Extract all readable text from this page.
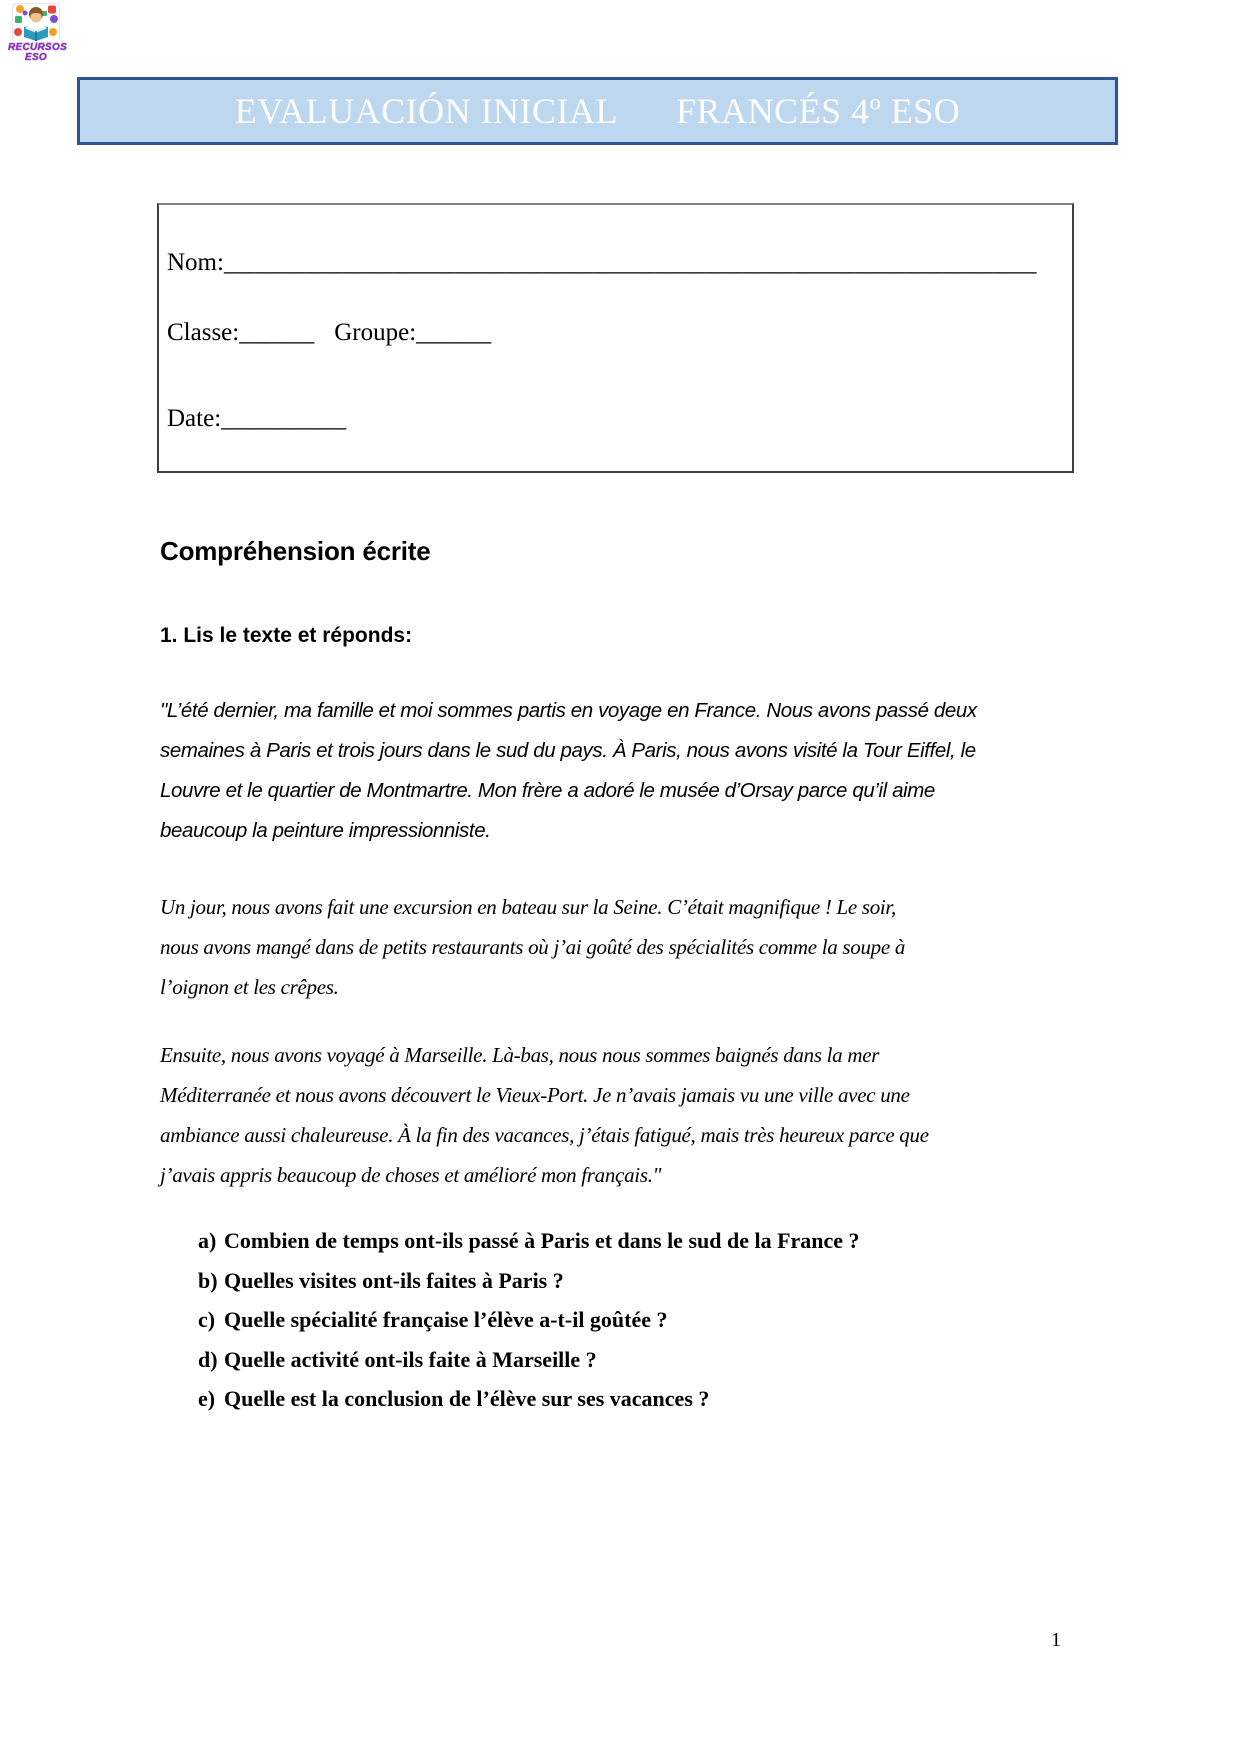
RECURSOS
ESO
EVALUACIÓN INICIAL FRANCÉS 4º ESO
Nom:_________________________________________________________________
Classe:______ Groupe:______
Date:__________
Compréhension écrite
1. Lis le texte et réponds:
"L’été dernier, ma famille et moi sommes partis en voyage en France. Nous avons passé deux
semaines à Paris et trois jours dans le sud du pays. À Paris, nous avons visité la Tour Eiffel, le
Louvre et le quartier de Montmartre. Mon frère a adoré le musée d’Orsay parce qu’il aime
beaucoup la peinture impressionniste.
Un jour, nous avons fait une excursion en bateau sur la Seine. C’était magnifique ! Le soir,
nous avons mangé dans de petits restaurants où j’ai goûté des spécialités comme la soupe à
l’oignon et les crêpes.
Ensuite, nous avons voyagé à Marseille. Là-bas, nous nous sommes baignés dans la mer
Méditerranée et nous avons découvert le Vieux-Port. Je n’avais jamais vu une ville avec une
ambiance aussi chaleureuse. À la fin des vacances, j’étais fatigué, mais très heureux parce que
j’avais appris beaucoup de choses et amélioré mon français."
a) Combien de temps ont-ils passé à Paris et dans le sud de la France ?
b) Quelles visites ont-ils faites à Paris ?
c) Quelle spécialité française l’élève a-t-il goûtée ?
d) Quelle activité ont-ils faite à Marseille ?
e) Quelle est la conclusion de l’élève sur ses vacances ?
1
